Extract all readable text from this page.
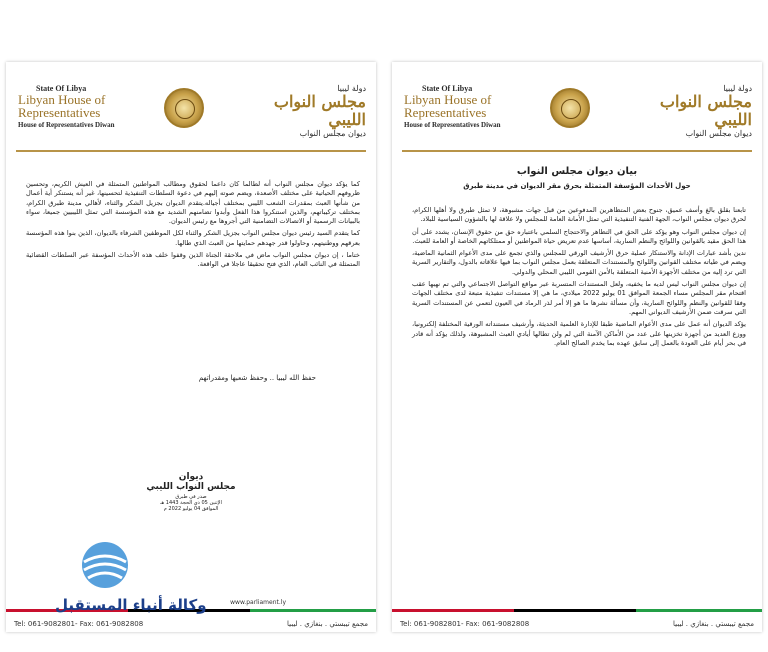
State Of Libya
Libyan House of
Representatives
House of Representatives Diwan
دولة ليبيا
مجلس النواب الليبي
ديوان مجلس النواب

كما يؤكد ديوان مجلس النواب أنه لطالما كان داعما لحقوق ومطالب المواطنين المتمثلة في العيش الكريم، وتحسين ظروفهم الحياتية على مختلف الأصعدة، ويضم صوته إليهم في دعوة السلطات التنفيذية لتحسينها، غير أنه يستنكر أية أعمال من شأنها العبث بمقدرات الشعب الليبي بمختلف أجياله.يتقدم الديوان بجزيل الشكر والثناء، لأهالي مدينة طبرق الكرام، بمختلف تركيباتهم، والذين استنكروا هذا الفعل وأبدوا تضامنهم الشديد مع هذه المؤسسة التي تمثل الليبيين جميعا، سواء بالبيانات الرسمية أو الاتصالات التضامنية التي أجروها مع رئيس الديوان.

كما يتقدم السيد رئيس ديوان مجلس النواب بجزيل الشكر والثناء لكل الموظفين الشرفاء بالديوان، الذين بنوا هذه المؤسسة بعرقهم ووطنيتهم، وحاولوا قدر جهدهم حمايتها من العبث الذي طالها.

ختاما ، إن ديوان مجلس النواب ماض في ملاحقة الجناة الذين وقفوا خلف هذه الأحداث المؤسفة عبر السلطات القضائية المتمثلة في النائب العام، الذي فتح تحقيقا عاجلا في الواقعة.

حفظ الله ليبيا .. وحفظ شعبها ومقدراتهم
ديوان
مجلس النواب الليبي
صدر في طبرق
الإثنين 05 ذي الحجة 1443 هـ
الموافق 04 يوليو 2022 م
www.parliament.ly
Tel: 061-9082801- Fax: 061-9082808	مجمع تيبستي . بنغازي . ليبيا
State Of Libya
Libyan House of
Representatives
House of Representatives Diwan
دولة ليبيا
مجلس النواب الليبي
ديوان مجلس النواب
بيان ديوان مجلس النواب
حول الأحداث المؤسفة المتمثلة بحرق مقر الديوان في مدينة طبرق

تابعنا بقلق بالغ وأسف عميق، جنوح بعض المتظاهرين المدفوعين من قبل جهات مشبوهة، لا تمثل طبرق ولا أهلها الكرام، لحرق ديوان مجلس النواب، الجهة الفنية التنفيذية التي تمثل الأمانة العامة للمجلس ولا علاقة لها بالشؤون السياسية للبلاد.

إن ديوان مجلس النواب وهو يؤكد على الحق في التظاهر والاحتجاج السلمي باعتباره حق من حقوق الإنسان، يشدد على أن هذا الحق مقيد بالقوانين واللوائح والنظم السارية، أساسها عدم تعريض حياة المواطنين أو ممتلكاتهم الخاصة أو العامة للعبث.

ندين بأشد عبارات الإدانة والاستنكار عملية حرق الأرشيف الورقي للمجلس والذي تجمع على مدى الأعوام الثمانية الماضية، ويضم في طياته مختلف القوانين واللوائح والمستندات المتعلقة بعمل مجلس النواب بما فيها علاقاته بالدول، والتقارير السرية التي ترد إليه من مختلف الأجهزة الأمنية المتعلقة بالأمن القومي الليبي المحلي والدولي.

إن ديوان مجلس النواب ليس لديه ما يخفيه، ولعل المستندات المتسربة عبر مواقع التواصل الاجتماعي والتي تم نهبها عقب اقتحام مقر المجلس مساء الجمعة الموافق 01 يوليو 2022 ميلادي، ما هي إلا مستندات تنفيذية متبعة لدى مختلف الجهات وفقا للقوانين والنظم واللوائح السارية، وأن مسألة نشرها ما هو إلا أمر لذر الرماد في العيون لتعمي عن المستندات السرية التي سرقت ضمن الأرشيف الديواني المهم.

يؤكد الديوان أنه عمل على مدى الأعوام الماضية طبقا للإدارة العلمية الحديثة، وأرشيف مستنداته الورقية المختلفة إلكترونيا، ووزع العديد من أجهزة تخزينها على عدد من الأماكن الآمنة التي لم ولن تطالها أيادي العبث المشبوهة، ولذلك يؤكد أنه قادر في بحر أيام على العودة بالعمل إلى سابق عهده بما يخدم الصالح العام.

Tel: 061-9082801- Fax: 061-9082808	مجمع تيبستي . بنغازي . ليبيا
وكالة أنباء المستقبل
